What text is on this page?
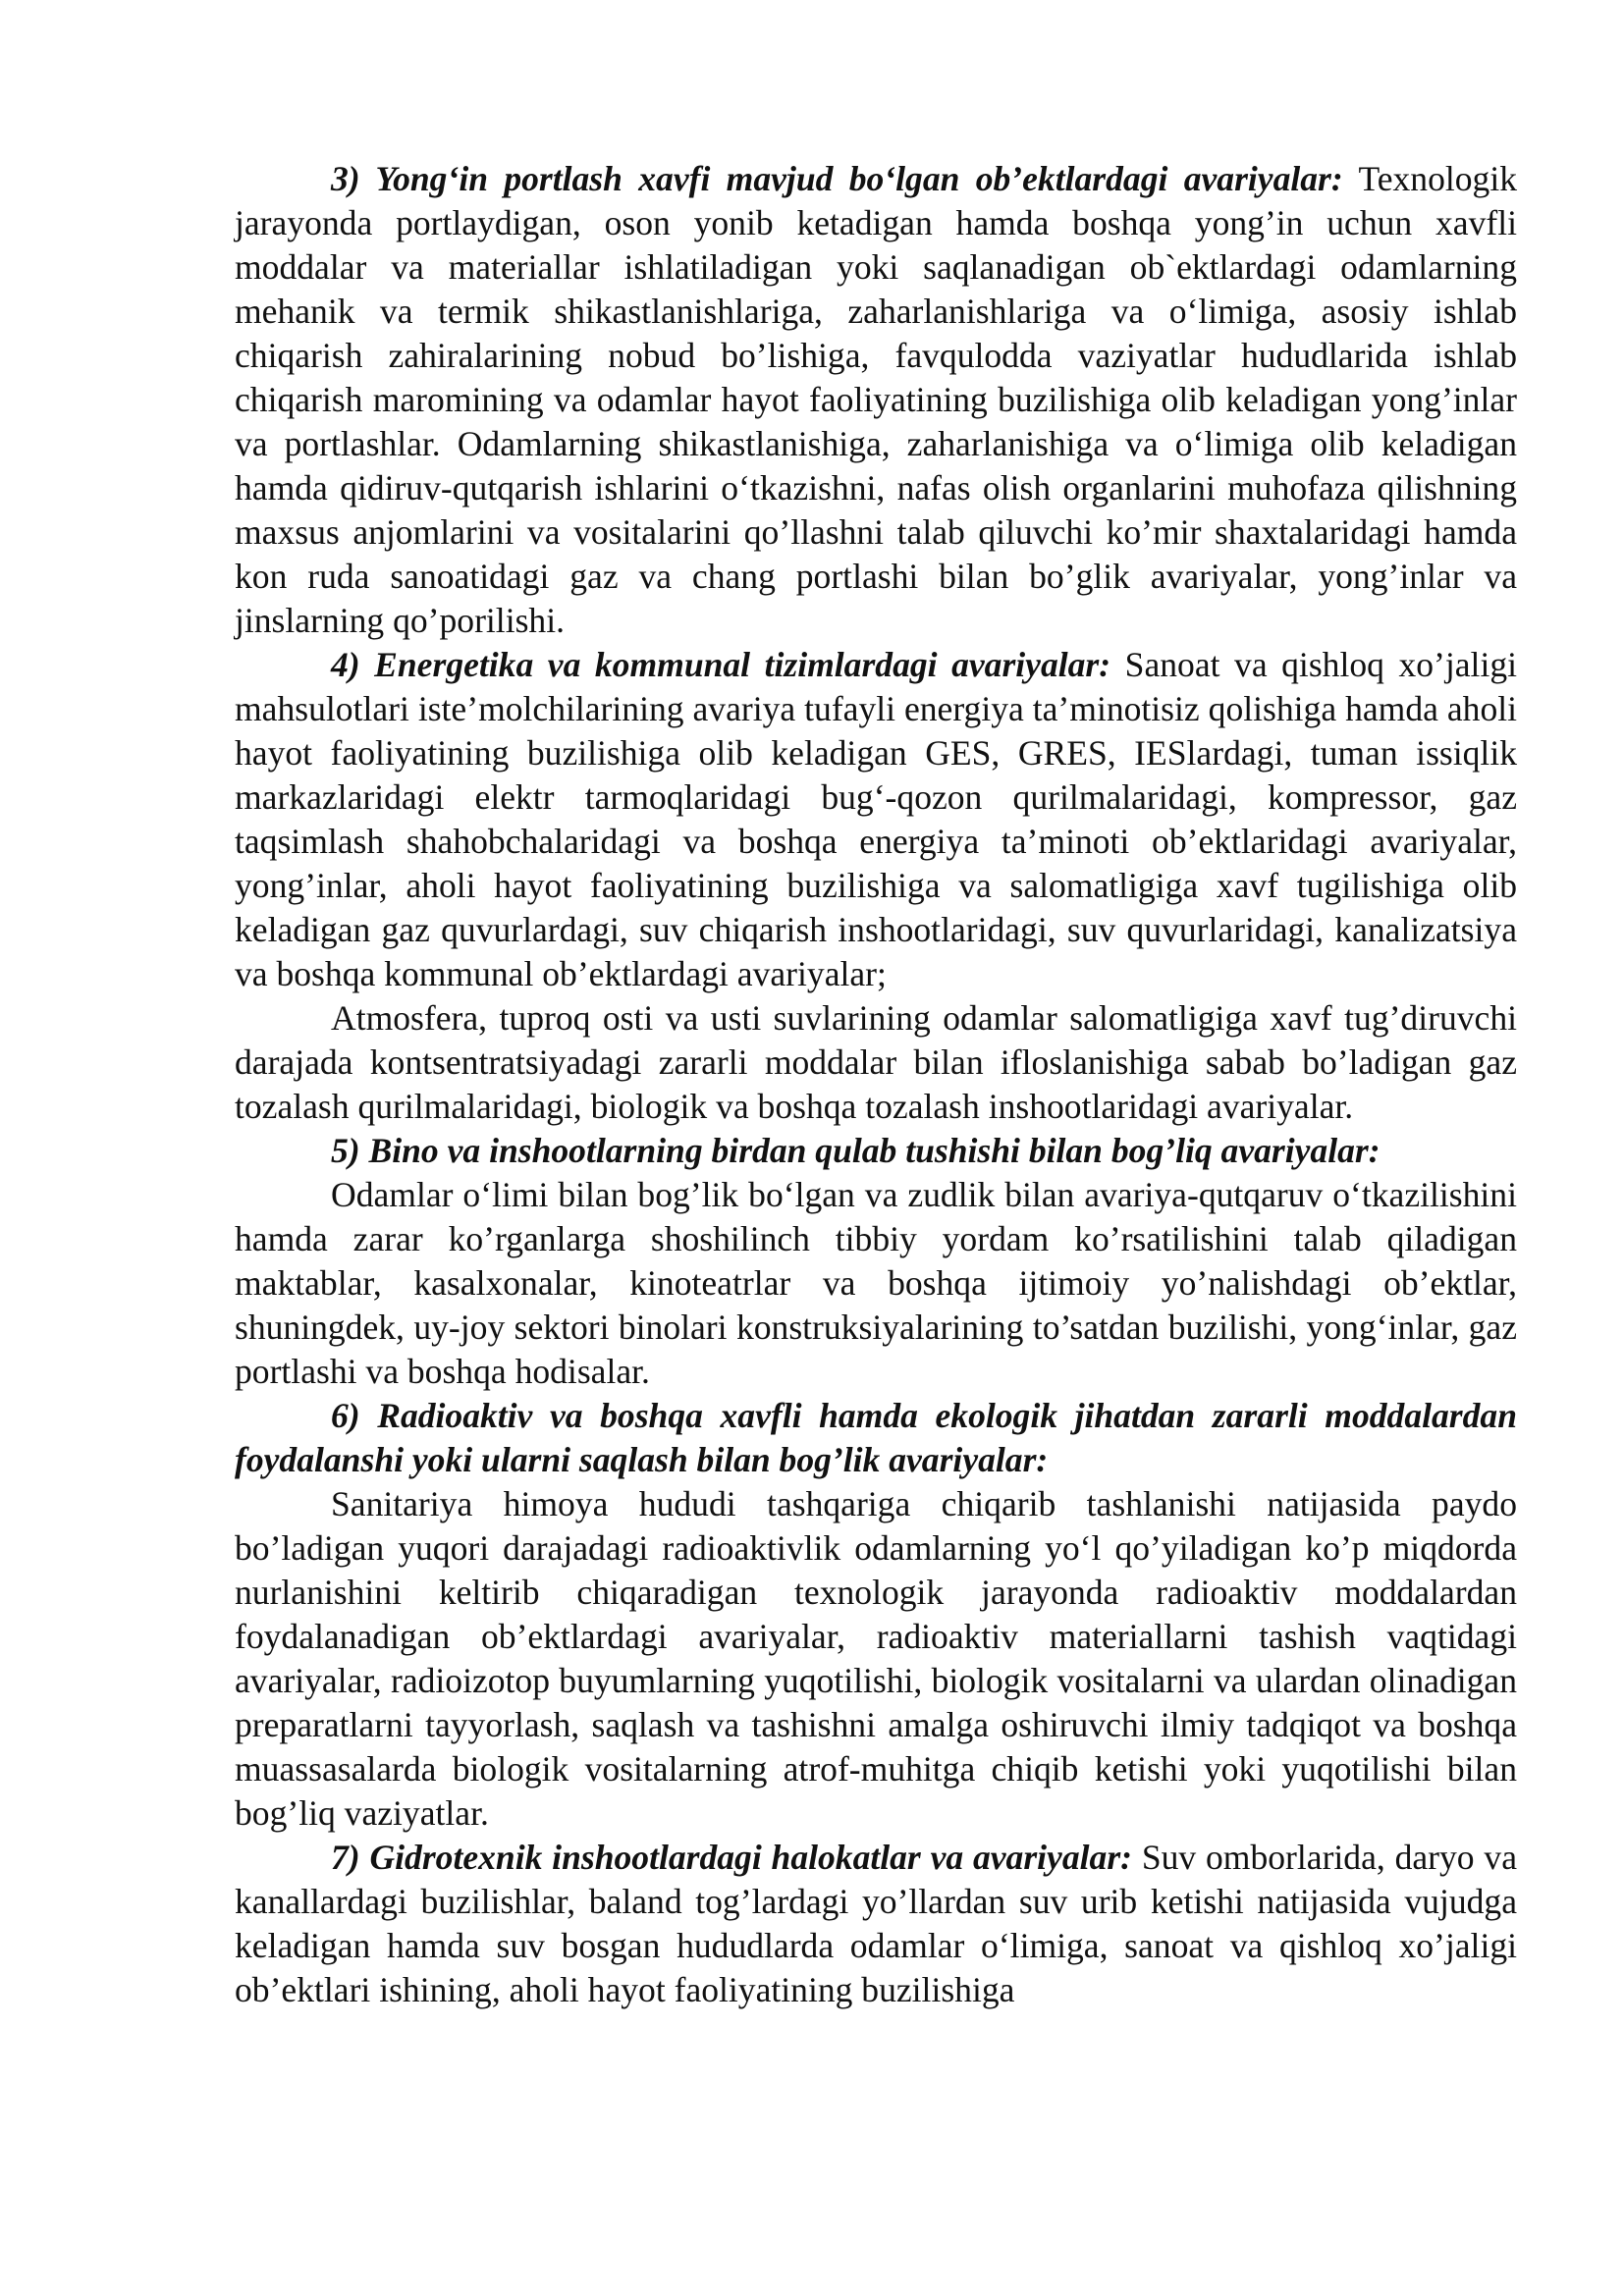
3) Yong‘in portlash xavfi mavjud bo‘lgan ob’ektlardagi avariyalar: Texnologik jarayonda portlaydigan, oson yonib ketadigan hamda boshqa yong’in uchun xavfli moddalar va materiallar ishlatiladigan yoki saqlanadigan ob`ektlardagi odamlarning mehanik va termik shikastlanishlariga, zaharlanishlariga va o‘limiga, asosiy ishlab chiqarish zahiralarining nobud bo’lishiga, favqulodda vaziyatlar hududlarida ishlab chiqarish maromining va odamlar hayot faoliyatining buzilishiga olib keladigan yong’inlar va portlashlar. Odamlarning shikastlanishiga, zaharlanishiga va o‘limiga olib keladigan hamda qidiruv-qutqarish ishlarini o‘tkazishni, nafas olish organlarini muhofaza qilishning maxsus anjomlarini va vositalarini qo’llashni talab qiluvchi ko’mir shaxtalaridagi hamda kon ruda sanoatidagi gaz va chang portlashi bilan bo’glik avariyalar, yong’inlar va jinslarning qo’porilishi.

4) Energetika va kommunal tizimlardagi avariyalar: Sanoat va qishloq xo’jaligi mahsulotlari iste’molchilarining avariya tufayli energiya ta’minotisiz qolishiga hamda aholi hayot faoliyatining buzilishiga olib keladigan GES, GRES, IESlardagi, tuman issiqlik markazlaridagi elektr tarmoqlaridagi bug‘-qozon qurilmalaridagi, kompressor, gaz taqsimlash shahobchalaridagi va boshqa energiya ta’minoti ob’ektlaridagi avariyalar, yong’inlar, aholi hayot faoliyatining buzilishiga va salomatligiga xavf tugilishiga olib keladigan gaz quvurlardagi, suv chiqarish inshootlaridagi, suv quvurlaridagi, kanalizatsiya va boshqa kommunal ob’ektlardagi avariyalar;

Atmosfera, tuproq osti va usti suvlarining odamlar salomatligiga xavf tug’diruvchi darajada kontsentratsiyadagi zararli moddalar bilan ifloslanishiga sabab bo’ladigan gaz tozalash qurilmalaridagi, biologik va boshqa tozalash inshootlaridagi avariyalar.

5) Bino va inshootlarning birdan qulab tushishi bilan bog’liq avariyalar:

Odamlar o‘limi bilan bog’lik bo‘lgan va zudlik bilan avariya-qutqaruv o‘tkazilishini hamda zarar ko’rganlarga shoshilinch tibbiy yordam ko’rsatilishini talab qiladigan maktablar, kasalxonalar, kinoteatrlar va boshqa ijtimoiy yo’nalishdagi ob’ektlar, shuningdek, uy-joy sektori binolari konstruksiyalarining to’satdan buzilishi, yong‘inlar, gaz portlashi va boshqa hodisalar.

6) Radioaktiv va boshqa xavfli hamda ekologik jihatdan zararli moddalardan foydalanshi yoki ularni saqlash bilan bog’lik avariyalar:

Sanitariya himoya hududi tashqariga chiqarib tashlanishi natijasida paydo bo’ladigan yuqori darajadagi radioaktivlik odamlarning yo‘l qo’yiladigan ko’p miqdorda nurlanishini keltirib chiqaradigan texnologik jarayonda radioaktiv moddalardan foydalanadigan ob’ektlardagi avariyalar, radioaktiv materiallarni tashish vaqtidagi avariyalar, radioizotop buyumlarning yuqotilishi, biologik vositalarni va ulardan olinadigan preparatlarni tayyorlash, saqlash va tashishni amalga oshiruvchi ilmiy tadqiqot va boshqa muassasalarda biologik vositalarning atrof-muhitga chiqib ketishi yoki yuqotilishi bilan bog’liq vaziyatlar.

7) Gidrotexnik inshootlardagi halokatlar va avariyalar: Suv omborlarida, daryo va kanallardagi buzilishlar, baland tog’lardagi yo’llardan suv urib ketishi natijasida vujudga keladigan hamda suv bosgan hududlarda odamlar o‘limiga, sanoat va qishloq xo’jaligi ob’ektlari ishining, aholi hayot faoliyatining buzilishiga
